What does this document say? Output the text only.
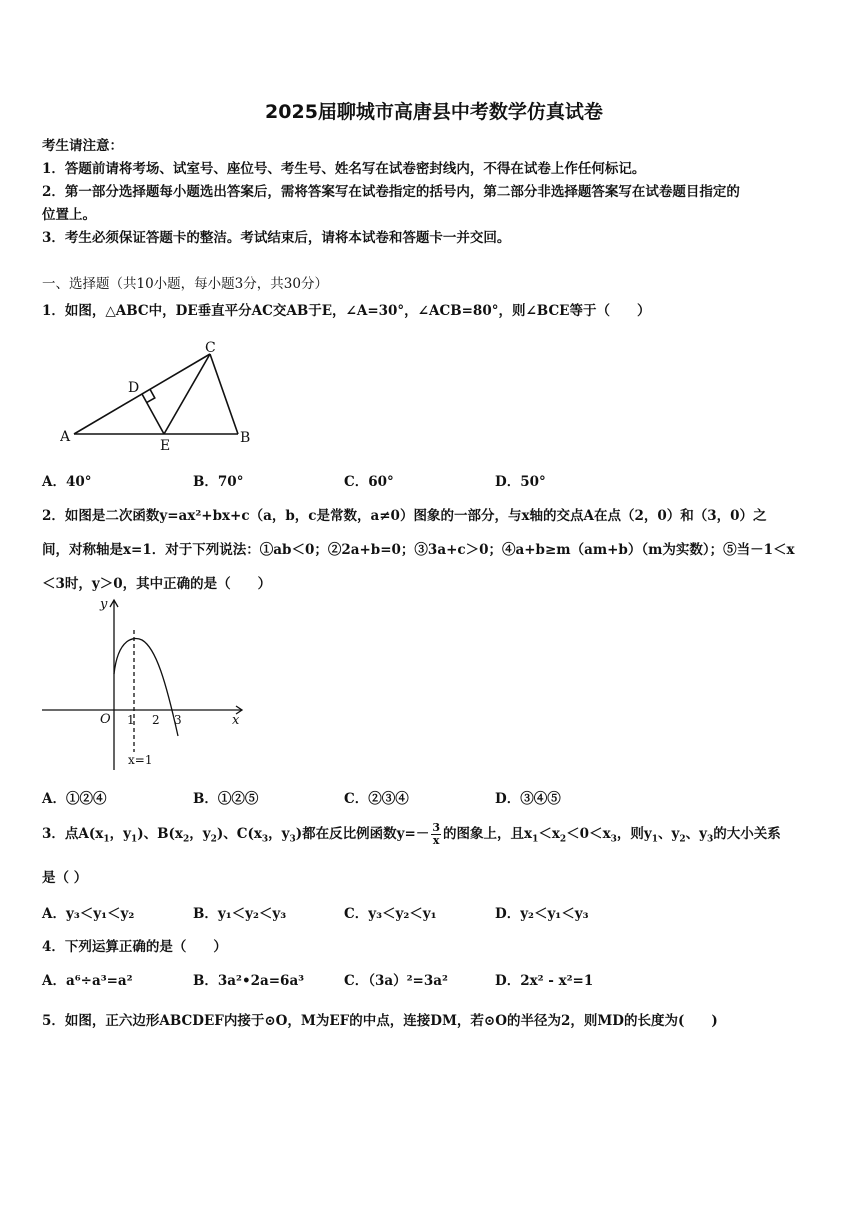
2025届聊城市高唐县中考数学仿真试卷
考生请注意：
1．答题前请将考场、试室号、座位号、考生号、姓名写在试卷密封线内，不得在试卷上作任何标记。
2．第一部分选择题每小题选出答案后，需将答案写在试卷指定的括号内，第二部分非选择题答案写在试卷题目指定的
位置上。
3．考生必须保证答题卡的整洁。考试结束后，请将本试卷和答题卡一并交回。
一、选择题（共10小题，每小题3分，共30分）
1．如图，△ABC中，DE垂直平分AC交AB于E，∠A=30°，∠ACB=80°，则∠BCE等于（　　）
A	B
C
D
E
A．40°	B．70°	C．60°	D．50°
2．如图是二次函数y=ax²+bx+c（a，b，c是常数，a≠0）图象的一部分，与x轴的交点A在点（2，0）和（3，0）之
间，对称轴是x=1．对于下列说法：①ab＜0；②2a+b=0；③3a+c＞0；④a+b≥m（am+b）（m为实数）；⑤当－1＜x
＜3时，y＞0，其中正确的是（　　）
y
x
O 1 2 3
x=1
A．①②④	B．①②⑤	C．②③④	D．③④⑤
3．点$A(x_1$，$y_1$)、$B(x_2$，$y_2$)、$C(x_3$，$y_3$)都在反比例函数$y=- \frac{3}{x}$ 的图象上，且$x_1<x_2<0<x_3$，则$y_1$、$y_2$、$y_3$的大小关系
是（ ）
A．y₃＜y₁＜y₂	B．y₁＜y₂＜y₃	C．y₃＜y₂＜y₁	D．y₂＜y₁＜y₃
4．下列运算正确的是（　　）
A．a⁶÷a³=a²	B．3a²•2a=6a³	C．（3a）²=3a²	D．2x² - x²=1
5．如图，正六边形ABCDEF内接于⊙O，M为EF的中点，连接DM，若⊙O的半径为2，则MD的长度为(　　)
